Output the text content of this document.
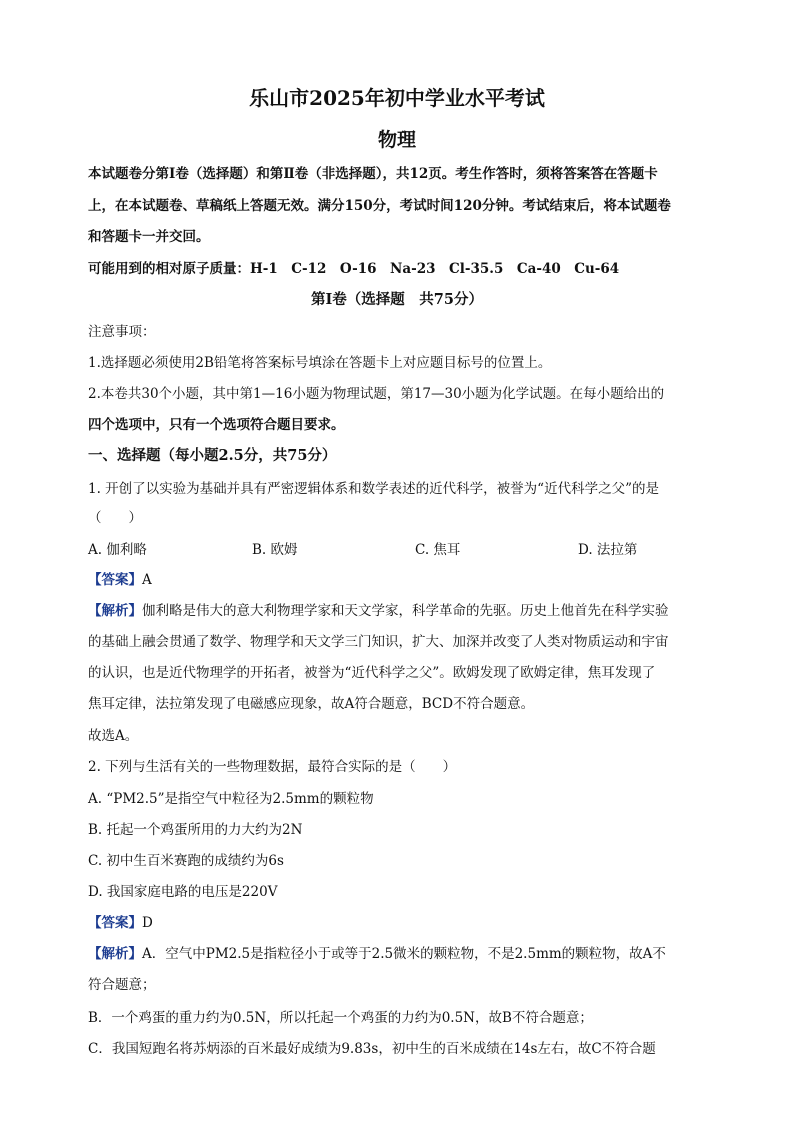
乐山市2025年初中学业水平考试
物理
本试题卷分第Ⅰ卷（选择题）和第Ⅱ卷（非选择题），共12页。考生作答时，须将答案答在答题卡
上，在本试题卷、草稿纸上答题无效。满分150分，考试时间120分钟。考试结束后，将本试题卷
和答题卡一并交回。
可能用到的相对原子质量：H-1　C-12　O-16　Na-23　Cl-35.5　Ca-40　Cu-64
第Ⅰ卷（选择题　共75分）
注意事项：
1.选择题必须使用2B铅笔将答案标号填涂在答题卡上对应题目标号的位置上。
2.本卷共30个小题，其中第1—16小题为物理试题，第17—30小题为化学试题。在每小题给出的
四个选项中，只有一个选项符合题目要求。
一、选择题（每小题2.5分，共75分）
1. 开创了以实验为基础并具有严密逻辑体系和数学表述的近代科学，被誉为“近代科学之父”的是
（　　）
A. 伽利略	B. 欧姆	C. 焦耳	D. 法拉第
【答案】A
【解析】伽利略是伟大的意大利物理学家和天文学家，科学革命的先驱。历史上他首先在科学实验
的基础上融会贯通了数学、物理学和天文学三门知识，扩大、加深并改变了人类对物质运动和宇宙
的认识，也是近代物理学的开拓者，被誉为“近代科学之父”。欧姆发现了欧姆定律，焦耳发现了
焦耳定律，法拉第发现了电磁感应现象，故A符合题意，BCD不符合题意。
故选A。
2. 下列与生活有关的一些物理数据，最符合实际的是（　　）
A. “PM2.5”是指空气中粒径为2.5mm的颗粒物
B. 托起一个鸡蛋所用的力大约为2N
C. 初中生百米赛跑的成绩约为6s
D. 我国家庭电路的电压是220V
【答案】D
【解析】A．空气中PM2.5是指粒径小于或等于2.5微米的颗粒物，不是2.5mm的颗粒物，故A不
符合题意；
B．一个鸡蛋的重力约为0.5N，所以托起一个鸡蛋的力约为0.5N，故B不符合题意；
C．我国短跑名将苏炳添的百米最好成绩为9.83s，初中生的百米成绩在14s左右，故C不符合题
